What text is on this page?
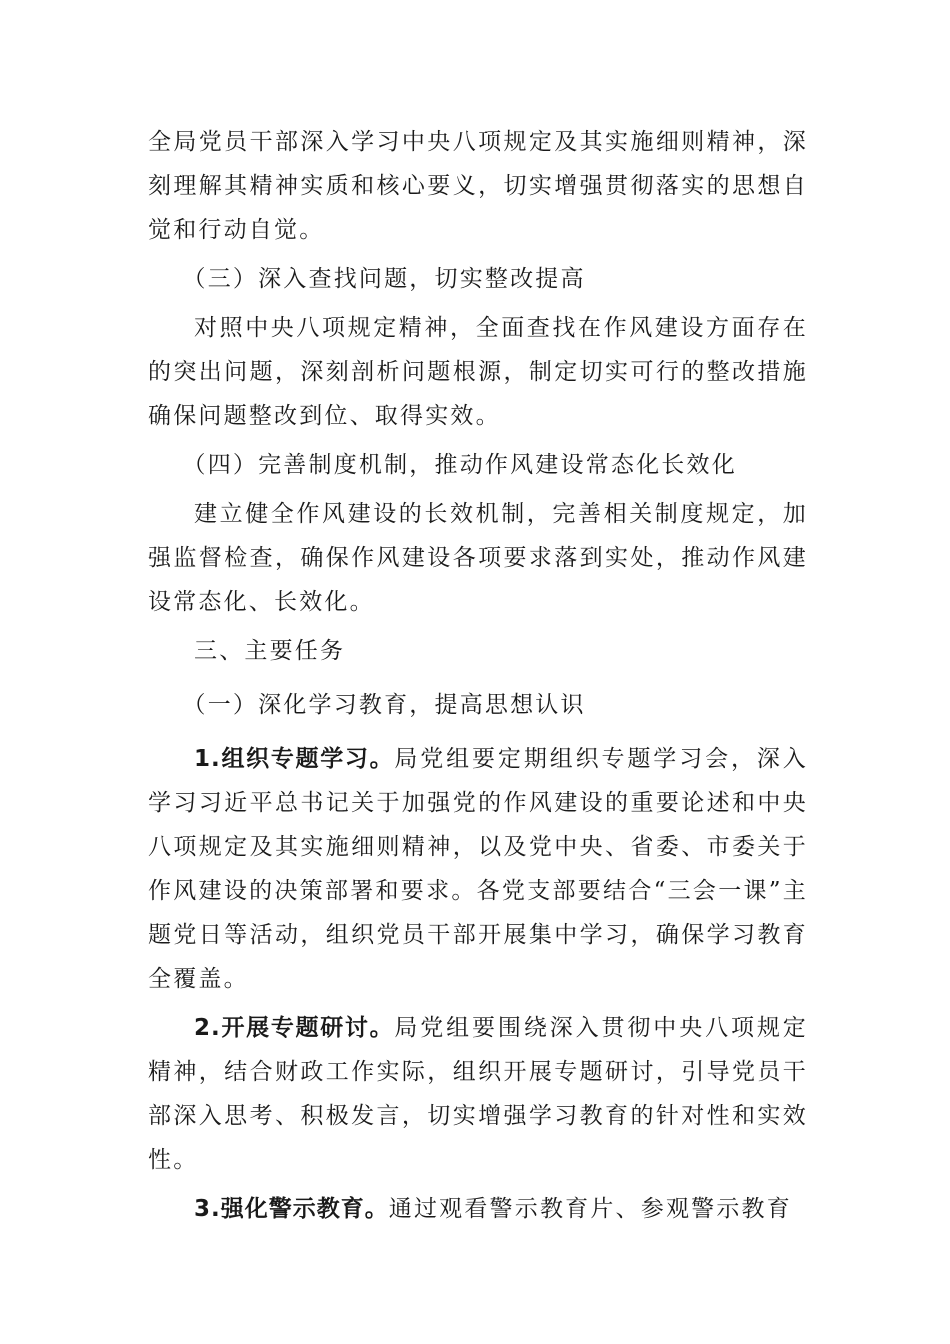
全局党员干部深入学习中央八项规定及其实施细则精神，深刻理解其精神实质和核心要义，切实增强贯彻落实的思想自觉和行动自觉。

（三）深入查找问题，切实整改提高

对照中央八项规定精神，全面查找在作风建设方面存在的突出问题，深刻剖析问题根源，制定切实可行的整改措施确保问题整改到位、取得实效。

（四）完善制度机制，推动作风建设常态化长效化

建立健全作风建设的长效机制，完善相关制度规定，加强监督检查，确保作风建设各项要求落到实处，推动作风建设常态化、长效化。

三、主要任务

（一）深化学习教育，提高思想认识

1.组织专题学习。局党组要定期组织专题学习会，深入学习习近平总书记关于加强党的作风建设的重要论述和中央八项规定及其实施细则精神，以及党中央、省委、市委关于作风建设的决策部署和要求。各党支部要结合“三会一课”主题党日等活动，组织党员干部开展集中学习，确保学习教育全覆盖。

2.开展专题研讨。局党组要围绕深入贯彻中央八项规定精神，结合财政工作实际，组织开展专题研讨，引导党员干部深入思考、积极发言，切实增强学习教育的针对性和实效性。

3.强化警示教育。通过观看警示教育片、参观警示教育
